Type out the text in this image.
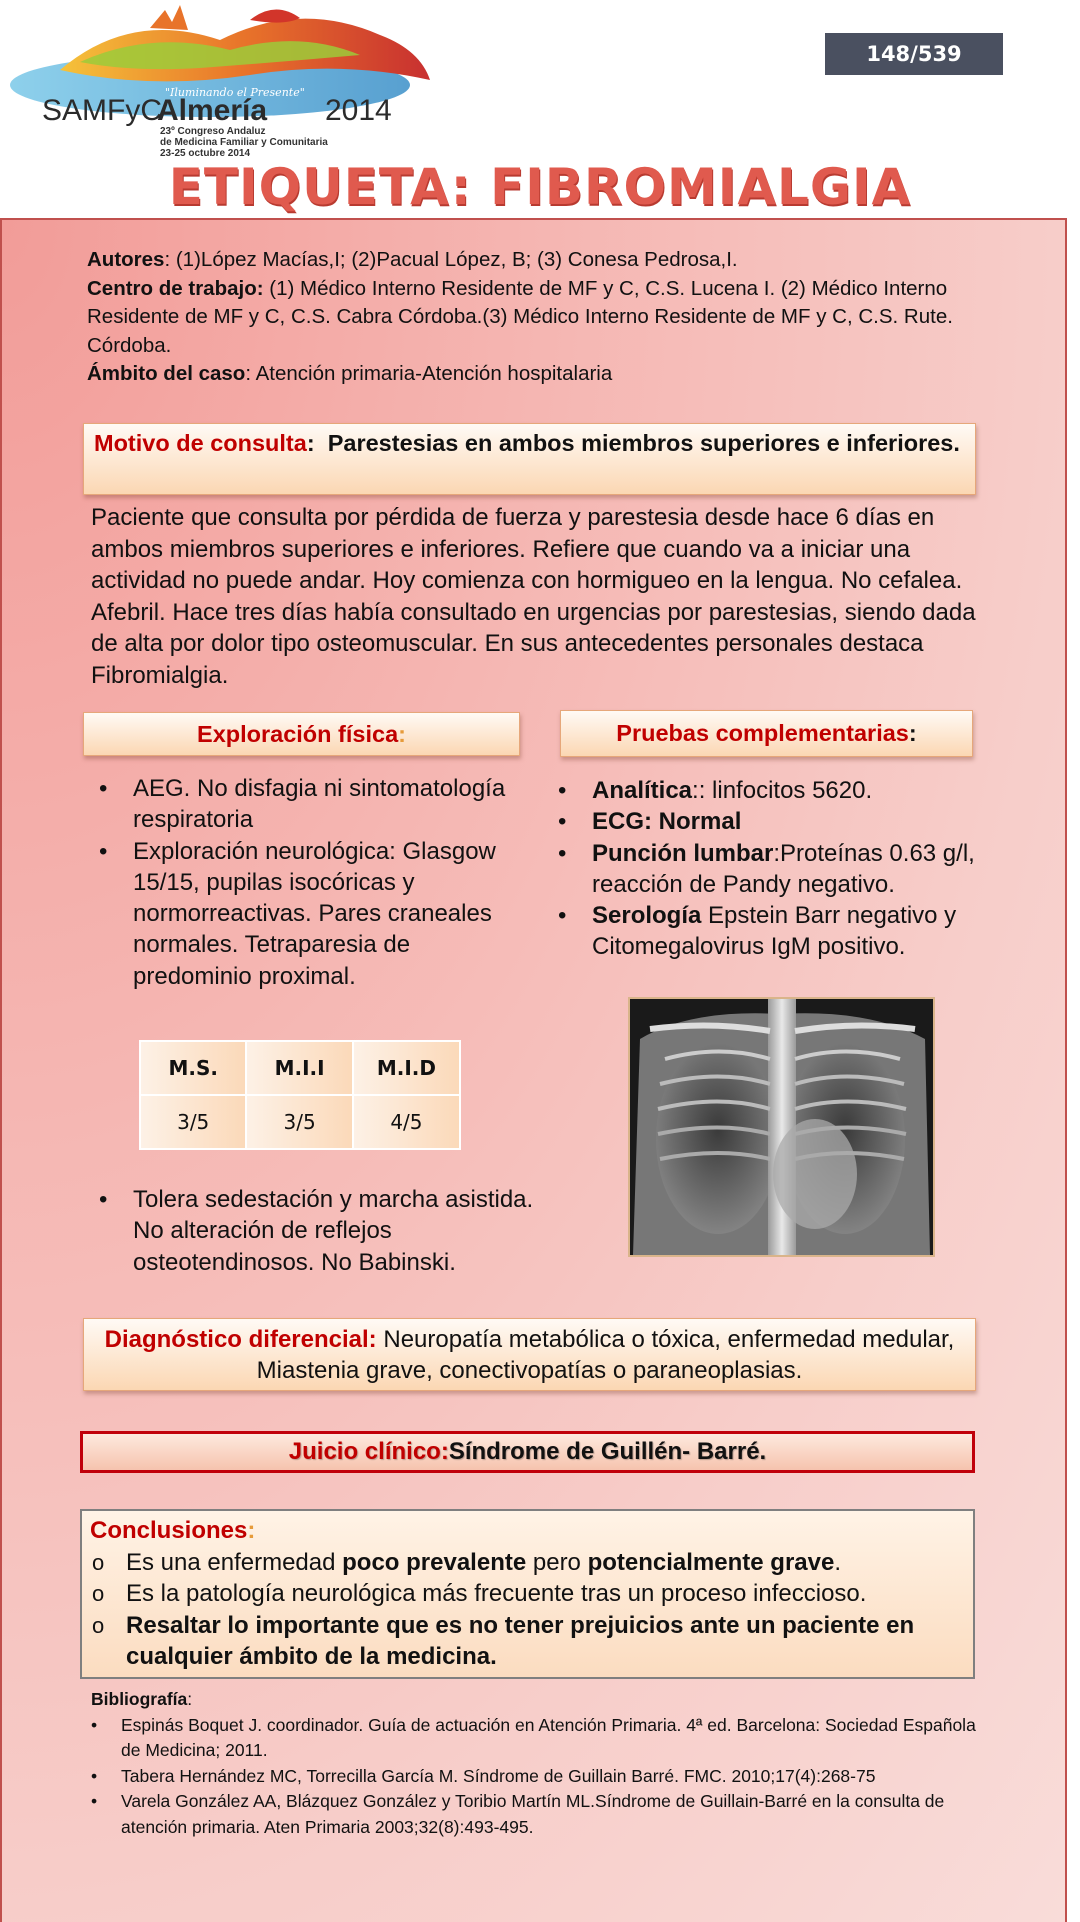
"Iluminando el Presente"
SAMFyC
Almería 2014
23º Congreso Andaluz
de Medicina Familiar y Comunitaria
23-25 octubre 2014
148/539
ETIQUETA: FIBROMIALGIA
Autores: (1)López Macías,I; (2)Pacual López, B; (3) Conesa Pedrosa,I.
Centro de trabajo: (1) Médico Interno Residente de MF y C, C.S. Lucena I. (2) Médico Interno Residente de MF y C, C.S. Cabra Córdoba.(3) Médico Interno Residente de MF y C, C.S. Rute. Córdoba.
Ámbito del caso: Atención primaria-Atención hospitalaria
Motivo de consulta: Parestesias en ambos miembros superiores e inferiores.
Paciente que consulta por pérdida de fuerza y parestesia desde hace 6 días en ambos miembros superiores e inferiores. Refiere que cuando va a iniciar una actividad no puede andar. Hoy comienza con hormigueo en la lengua. No cefalea. Afebril. Hace tres días había consultado en urgencias por parestesias, siendo dada de alta por dolor tipo osteomuscular. En sus antecedentes personales destaca Fibromialgia.
Exploración física :	Pruebas complementarias :
• AEG. No disfagia ni sintomatología respiratoria
• Exploración neurológica: Glasgow 15/15, pupilas isocóricas y normorreactivas. Pares craneales normales. Tetraparesia de predominio proximal.
M.S.	M.I.I	M.I.D
3/5	3/5	4/5
• Tolera sedestación y marcha asistida. No alteración de reflejos osteotendinosos. No Babinski.
• Analítica:: linfocitos 5620.
• ECG: Normal
• Punción lumbar:Proteínas 0.63 g/l, reacción de Pandy negativo.
• Serología Epstein Barr negativo y Citomegalovirus IgM positivo.
Diagnóstico diferencial: Neuropatía metabólica o tóxica, enfermedad medular, Miastenia grave, conectivopatías o paraneoplasias.
Juicio clínico: Síndrome de Guillén- Barré.
Conclusiones:
o Es una enfermedad poco prevalente pero potencialmente grave.
o Es la patología neurológica más frecuente tras un proceso infeccioso.
o Resaltar lo importante que es no tener prejuicios ante un paciente en cualquier ámbito de la medicina.
Bibliografía:
• Espinás Boquet J. coordinador. Guía de actuación en Atención Primaria. 4ª ed. Barcelona: Sociedad Española de Medicina; 2011.
• Tabera Hernández MC, Torrecilla García M. Síndrome de Guillain Barré. FMC. 2010;17(4):268-75
• Varela González AA, Blázquez González y Toribio Martín ML.Síndrome de Guillain-Barré en la consulta de atención primaria. Aten Primaria 2003;32(8):493-495.
